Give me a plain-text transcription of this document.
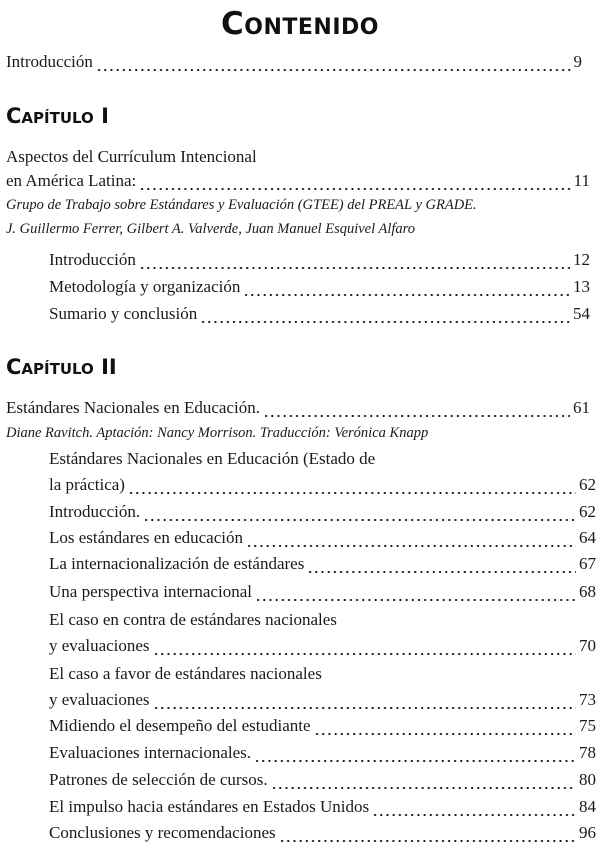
Contenido
Introducción	9
Capítulo I
Aspectos del Currículum Intencional
en América Latina:	11
Grupo de Trabajo sobre Estándares y Evaluación (GTEE) del PREAL y GRADE.
J. Guillermo Ferrer, Gilbert A. Valverde, Juan Manuel Esquivel Alfaro
Introducción	12
Metodología y organización	13
Sumario y conclusión	54
Capítulo II
Estándares Nacionales en Educación.	61
Diane Ravitch. Aptación: Nancy Morrison. Traducción: Verónica Knapp
Estándares Nacionales en Educación (Estado de
la práctica)	62
Introducción.	62
Los estándares en educación	64
La internacionalización de estándares	67
Una perspectiva internacional	68
El caso en contra de estándares nacionales
y evaluaciones	70
El caso a favor de estándares nacionales
y evaluaciones	73
Midiendo el desempeño del estudiante	75
Evaluaciones internacionales.	78
Patrones de selección de cursos.	80
El impulso hacia estándares en Estados Unidos	84
Conclusiones y recomendaciones	96
